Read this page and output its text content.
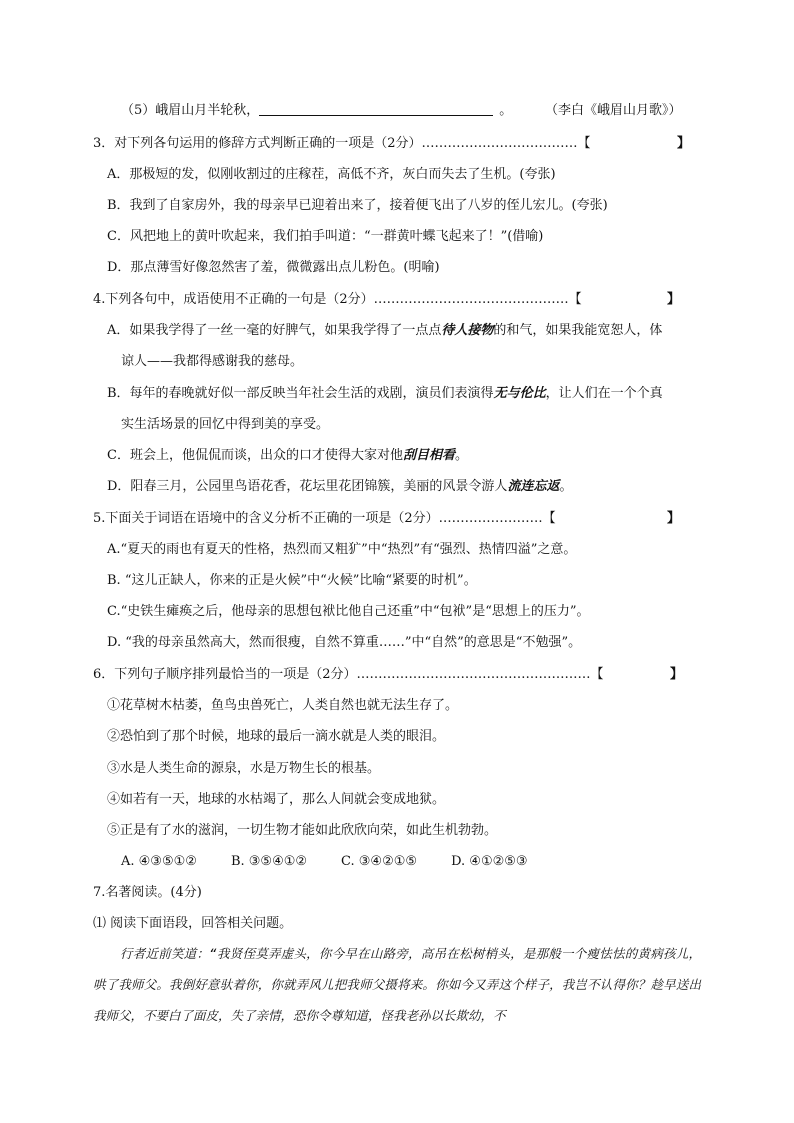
（5）峨眉山月半轮秋，	。	（李白《峨眉山月歌》）
3．对下列各句运用的修辞方式判断正确的一项是（2分）………………………………【	】
A．那极短的发，似刚收割过的庄稼茬，高低不齐，灰白而失去了生机。(夸张)
B．我到了自家房外，我的母亲早已迎着出来了，接着便飞出了八岁的侄儿宏儿。(夸张)
C．风把地上的黄叶吹起来，我们拍手叫道：“一群黄叶蝶飞起来了！”(借喻)
D．那点薄雪好像忽然害了羞，微微露出点儿粉色。(明喻)
4.下列各句中，成语使用不正确的一句是（2分）………………………………………【	】
A．如果我学得了一丝一毫的好脾气，如果我学得了一点点待人接物的和气，如果我能宽恕人，体
谅人——我都得感谢我的慈母。
B．每年的春晚就好似一部反映当年社会生活的戏剧，演员们表演得无与伦比，让人们在一个个真
实生活场景的回忆中得到美的享受。
C．班会上，他侃侃而谈，出众的口才使得大家对他刮目相看。
D．阳春三月，公园里鸟语花香，花坛里花团锦簇，美丽的风景令游人流连忘返。
5.下面关于词语在语境中的含义分析不正确的一项是（2分）……………………【	】
A.“夏天的雨也有夏天的性格，热烈而又粗犷”中“热烈”有“强烈、热情四溢”之意。
B. “这儿正缺人，你来的正是火候”中“火候”比喻“紧要的时机”。
C.“史铁生瘫痪之后，他母亲的思想包袱比他自己还重”中“包袱”是“思想上的压力”。
D. “我的母亲虽然高大，然而很瘦，自然不算重……”中“自然”的意思是“不勉强”。
6．下列句子顺序排列最恰当的一项是（2分）………………………………………………【	】
①花草树木枯萎，鱼鸟虫兽死亡，人类自然也就无法生存了。
②恐怕到了那个时候，地球的最后一滴水就是人类的眼泪。
③水是人类生命的源泉，水是万物生长的根基。
④如若有一天，地球的水枯竭了，那么人间就会变成地狱。
⑤正是有了水的滋润，一切生物才能如此欣欣向荣，如此生机勃勃。
A. ④③⑤①②	B. ③⑤④①②	C. ③④②①⑤	D. ④①②⑤③
7.名著阅读。(4分)
⑴ 阅读下面语段，回答相关问题。
行者近前笑道：“我贤侄莫弄虚头，你今早在山路旁，高吊在松树梢头，是那般一个瘦怯怯的黄病孩儿，哄了我师父。我倒好意驮着你，你就弄风儿把我师父摄将来。你如今又弄这个样子，我岂不认得你？趁早送出我师父，不要白了面皮，失了亲情，恐你令尊知道，怪我老孙以长欺幼，不
